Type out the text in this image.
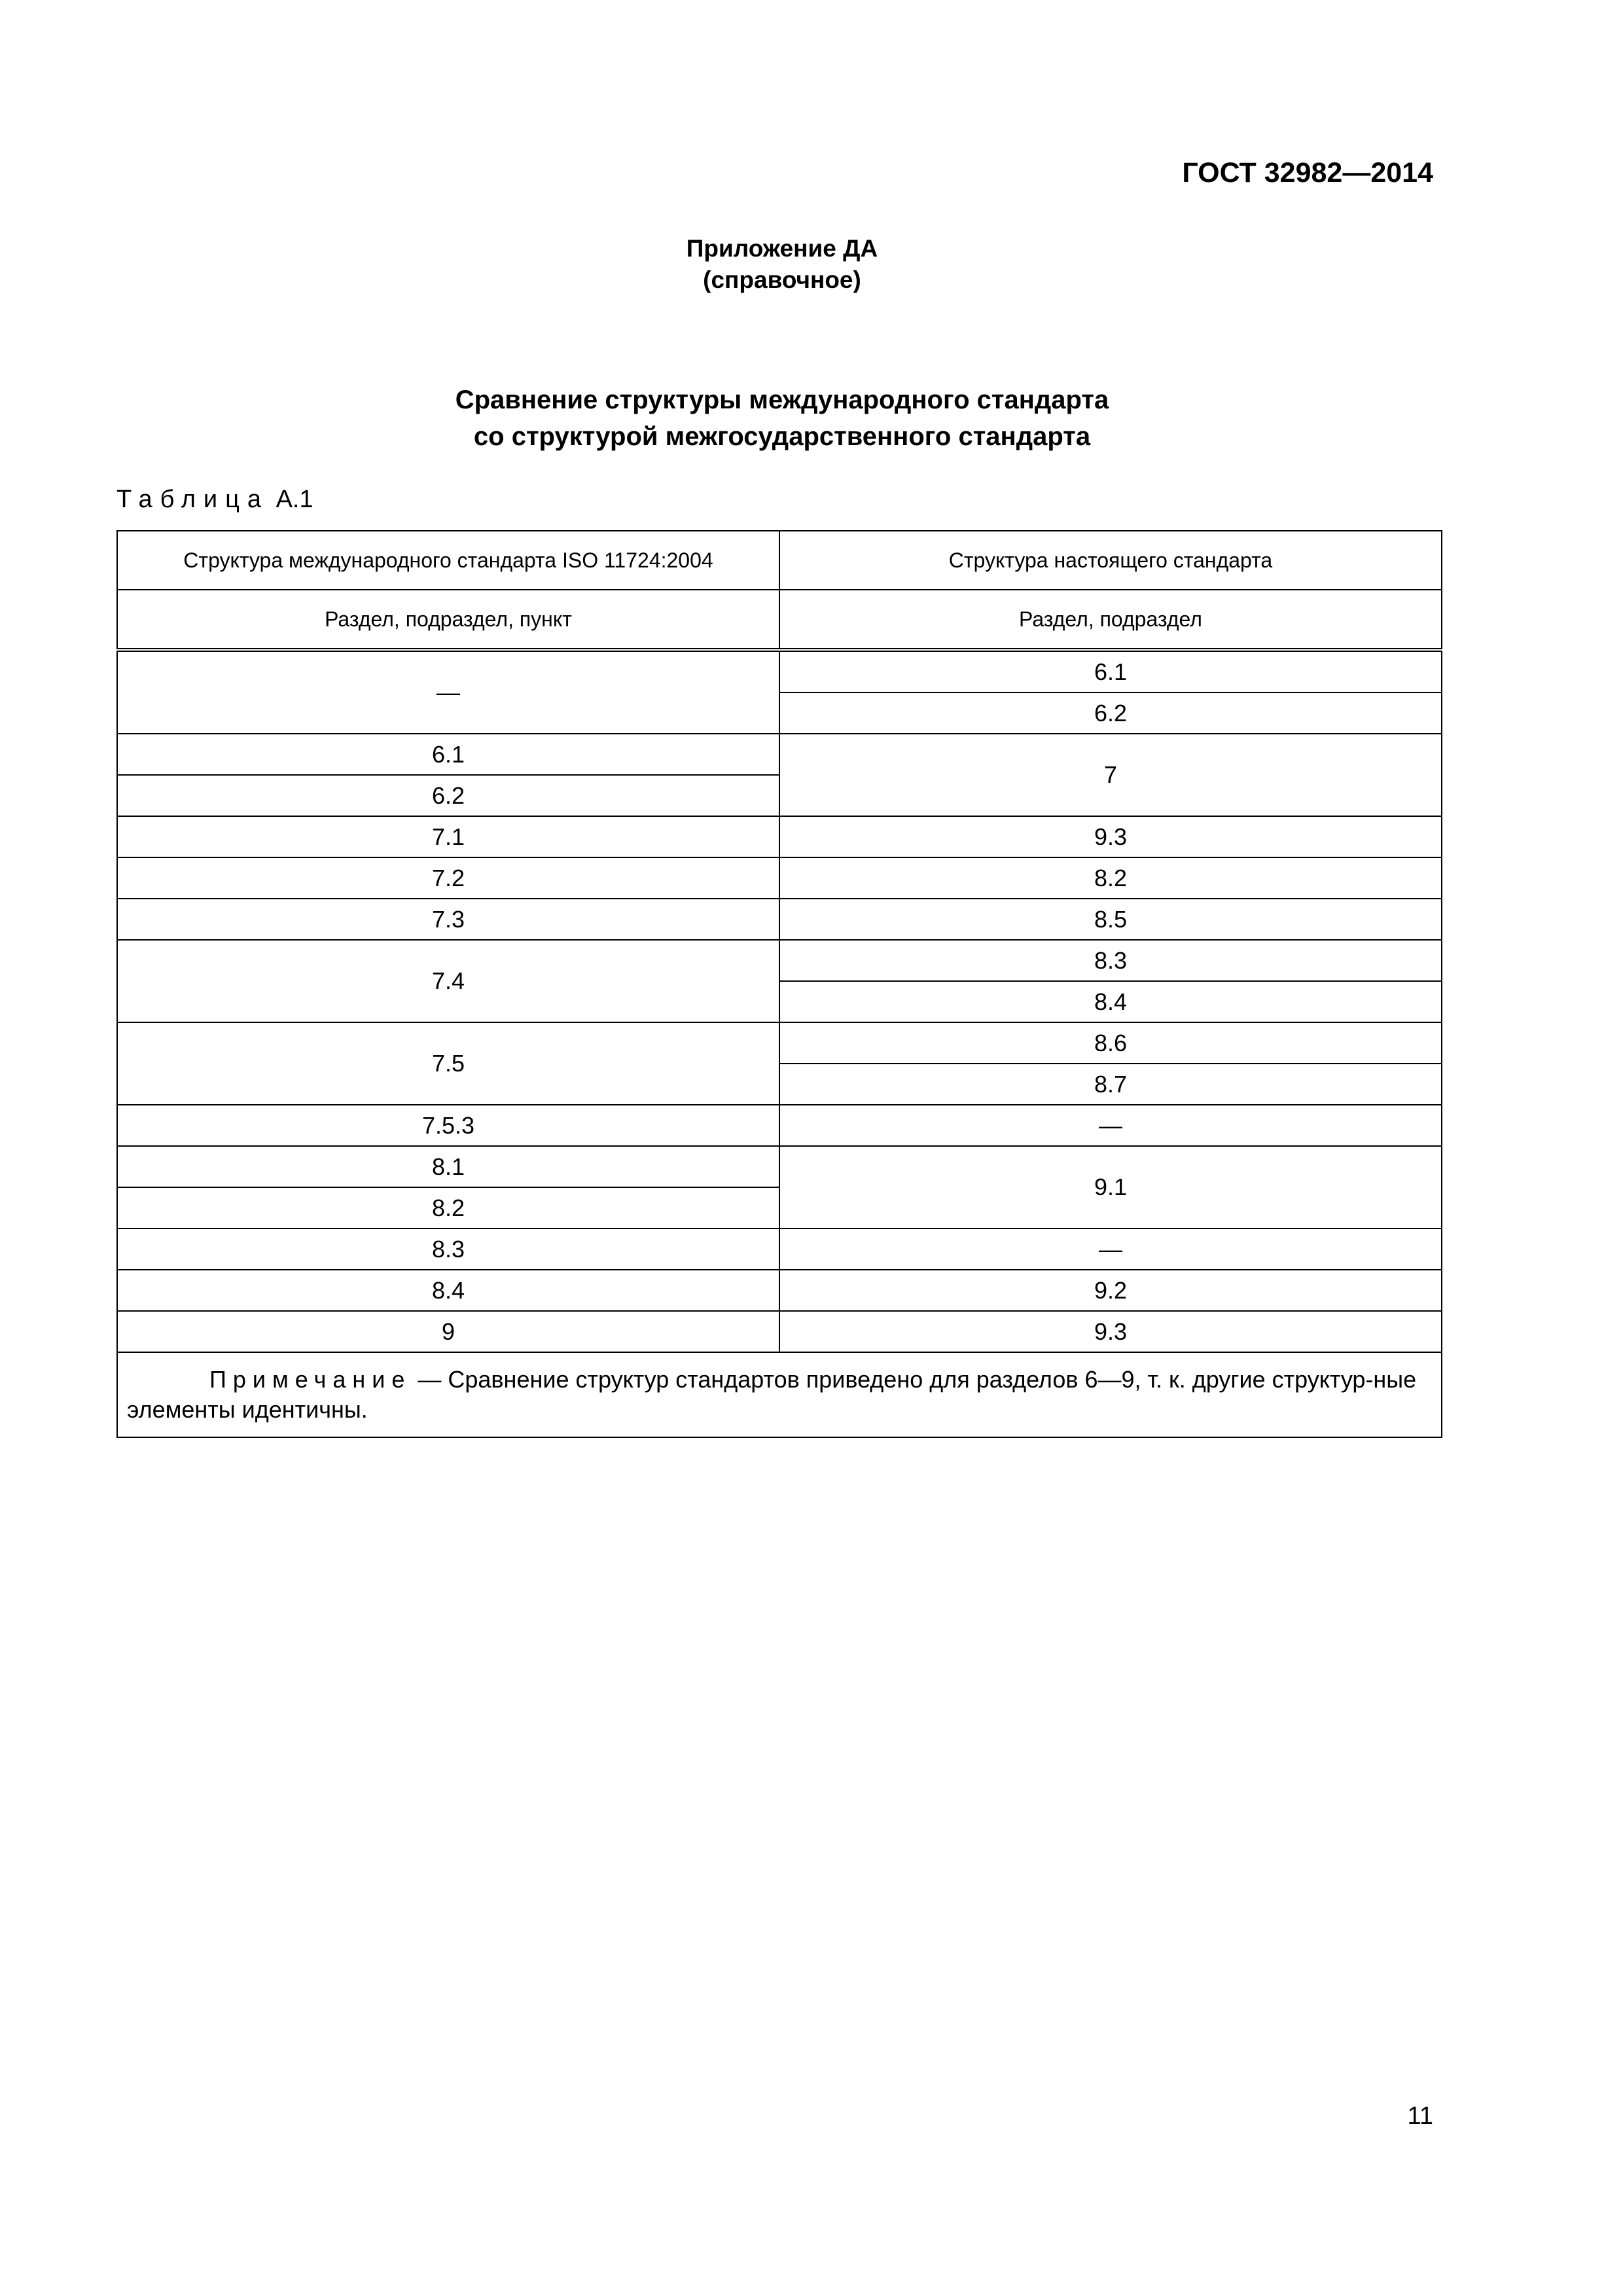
ГОСТ 32982—2014

Приложение ДА
(справочное)
Сравнение структуры международного стандарта
со структурой межгосударственного стандарта

Таблица А.1

Структура международного стандарта ISO 11724:2004	Структура настоящего стандарта
Раздел, подраздел, пункт	Раздел, подраздел
—	6.1
	6.2
6.1	7
6.2	
7.1	9.3
7.2	8.2
7.3	8.5
7.4	8.3
	8.4
7.5	8.6
	8.7
7.5.3	—
8.1	9.1
8.2	
8.3	—
8.4	9.2
9	9.3
Примечание — Сравнение структур стандартов приведено для разделов 6—9, т. к. другие структур-ные элементы идентичны.	

11
